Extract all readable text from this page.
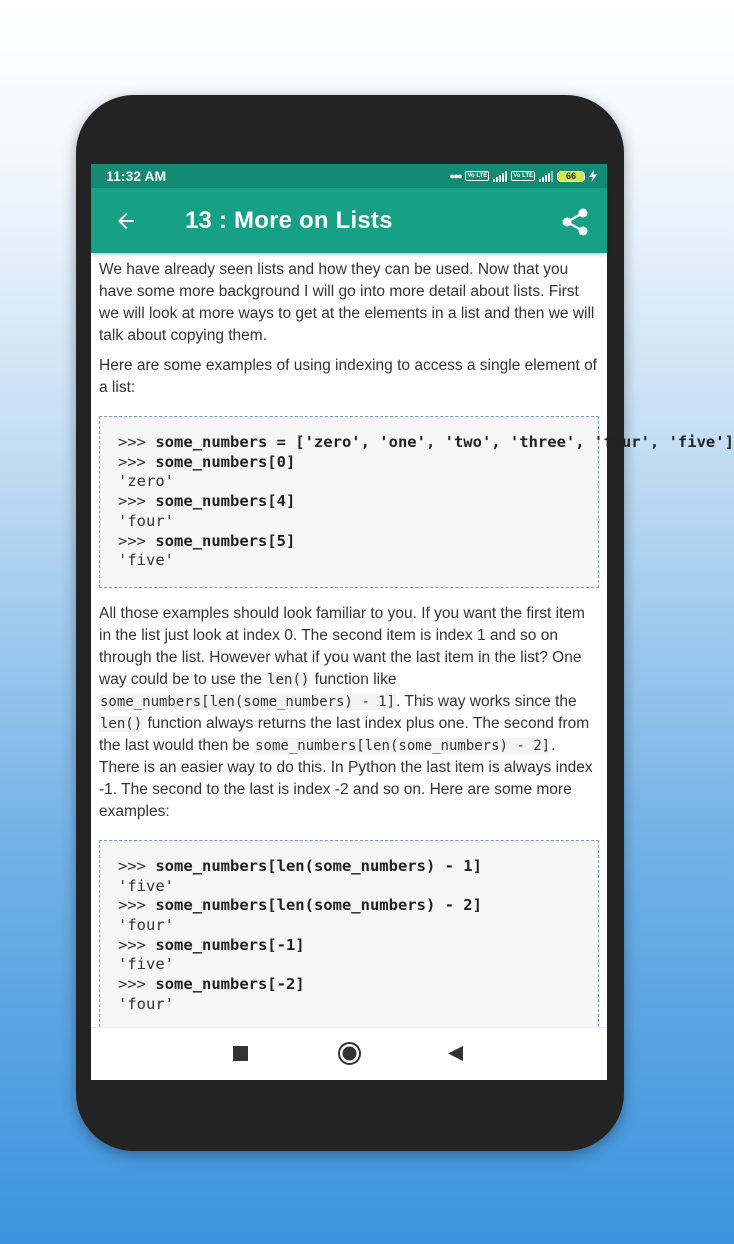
11:32 AM	•••	Vo LTE	Vo LTE	66
13 : More on Lists

We have already seen lists and how they can be used. Now that you have some more background I will go into more detail about lists. First we will look at more ways to get at the elements in a list and then we will talk about copying them.

Here are some examples of using indexing to access a single element of a list:

>>> some_numbers = ['zero', 'one', 'two', 'three', 'four', 'five']
>>> some_numbers[0]
'zero'
>>> some_numbers[4]
'four'
>>> some_numbers[5]
'five'

All those examples should look familiar to you. If you want the first item in the list just look at index 0. The second item is index 1 and so on through the list. However what if you want the last item in the list? One way could be to use the len() function like some_numbers[len(some_numbers) - 1]. This way works since the len() function always returns the last index plus one. The second from the last would then be some_numbers[len(some_numbers) - 2]. There is an easier way to do this. In Python the last item is always index -1. The second to the last is index -2 and so on. Here are some more examples:

>>> some_numbers[len(some_numbers) - 1]
'five'
>>> some_numbers[len(some_numbers) - 2]
'four'
>>> some_numbers[-1]
'five'
>>> some_numbers[-2]
'four'
